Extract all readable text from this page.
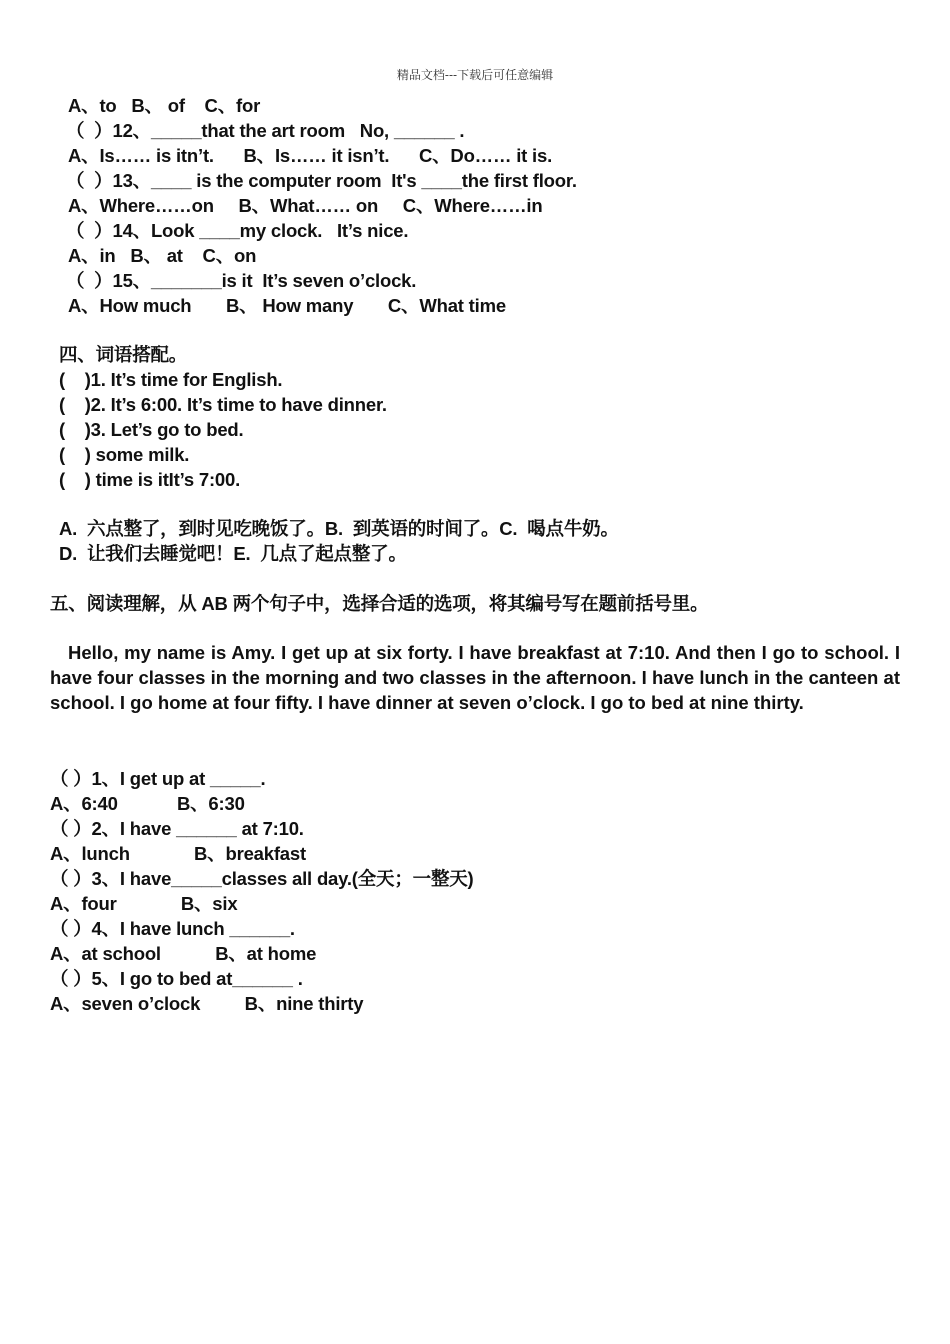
精品文档---下载后可任意编辑
A、to   B、 of    C、for
（  ）12、_____that the art room   No, ______ .
A、Is…… is itn’t.      B、Is…… it isn’t.      C、Do…… it is.
（  ）13、____ is the computer room  It's ____the first floor.
A、Where……on     B、What…… on     C、Where……in
（  ）14、Look ____my clock.   It’s nice.
A、in   B、 at    C、on
（  ）15、_______is it  It’s seven o’clock.
A、How much       B、 How many       C、What time
四、词语搭配。
(    )1. It’s time for English.
(    )2. It’s 6:00. It’s time to have dinner.
(    )3. Let’s go to bed.
(    ) some milk.
(    ) time is itIt’s 7:00.
A.  六点整了，到时见吃晚饭了。B.  到英语的时间了。C.  喝点牛奶。
D.  让我们去睡觉吧！E.  几点了起点整了。
五、阅读理解，从 AB 两个句子中，选择合适的选项，将其编号写在题前括号里。
Hello, my name is Amy. I get up at six forty. I have breakfast at 7:10. And then I go to school. I have four classes in the morning and two classes in the afternoon. I have lunch in the canteen at school. I go home at four fifty. I have dinner at seven o’clock. I go to bed at nine thirty.
（ ）1、I get up at _____.
A、6:40            B、6:30
（ ）2、I have ______ at 7:10.
A、lunch             B、breakfast
（ ）3、I have_____classes all day.(全天；一整天)
A、four             B、six
（ ）4、I have lunch ______.
A、at school           B、at home
（ ）5、I go to bed at______ .
A、seven o’clock         B、nine thirty
